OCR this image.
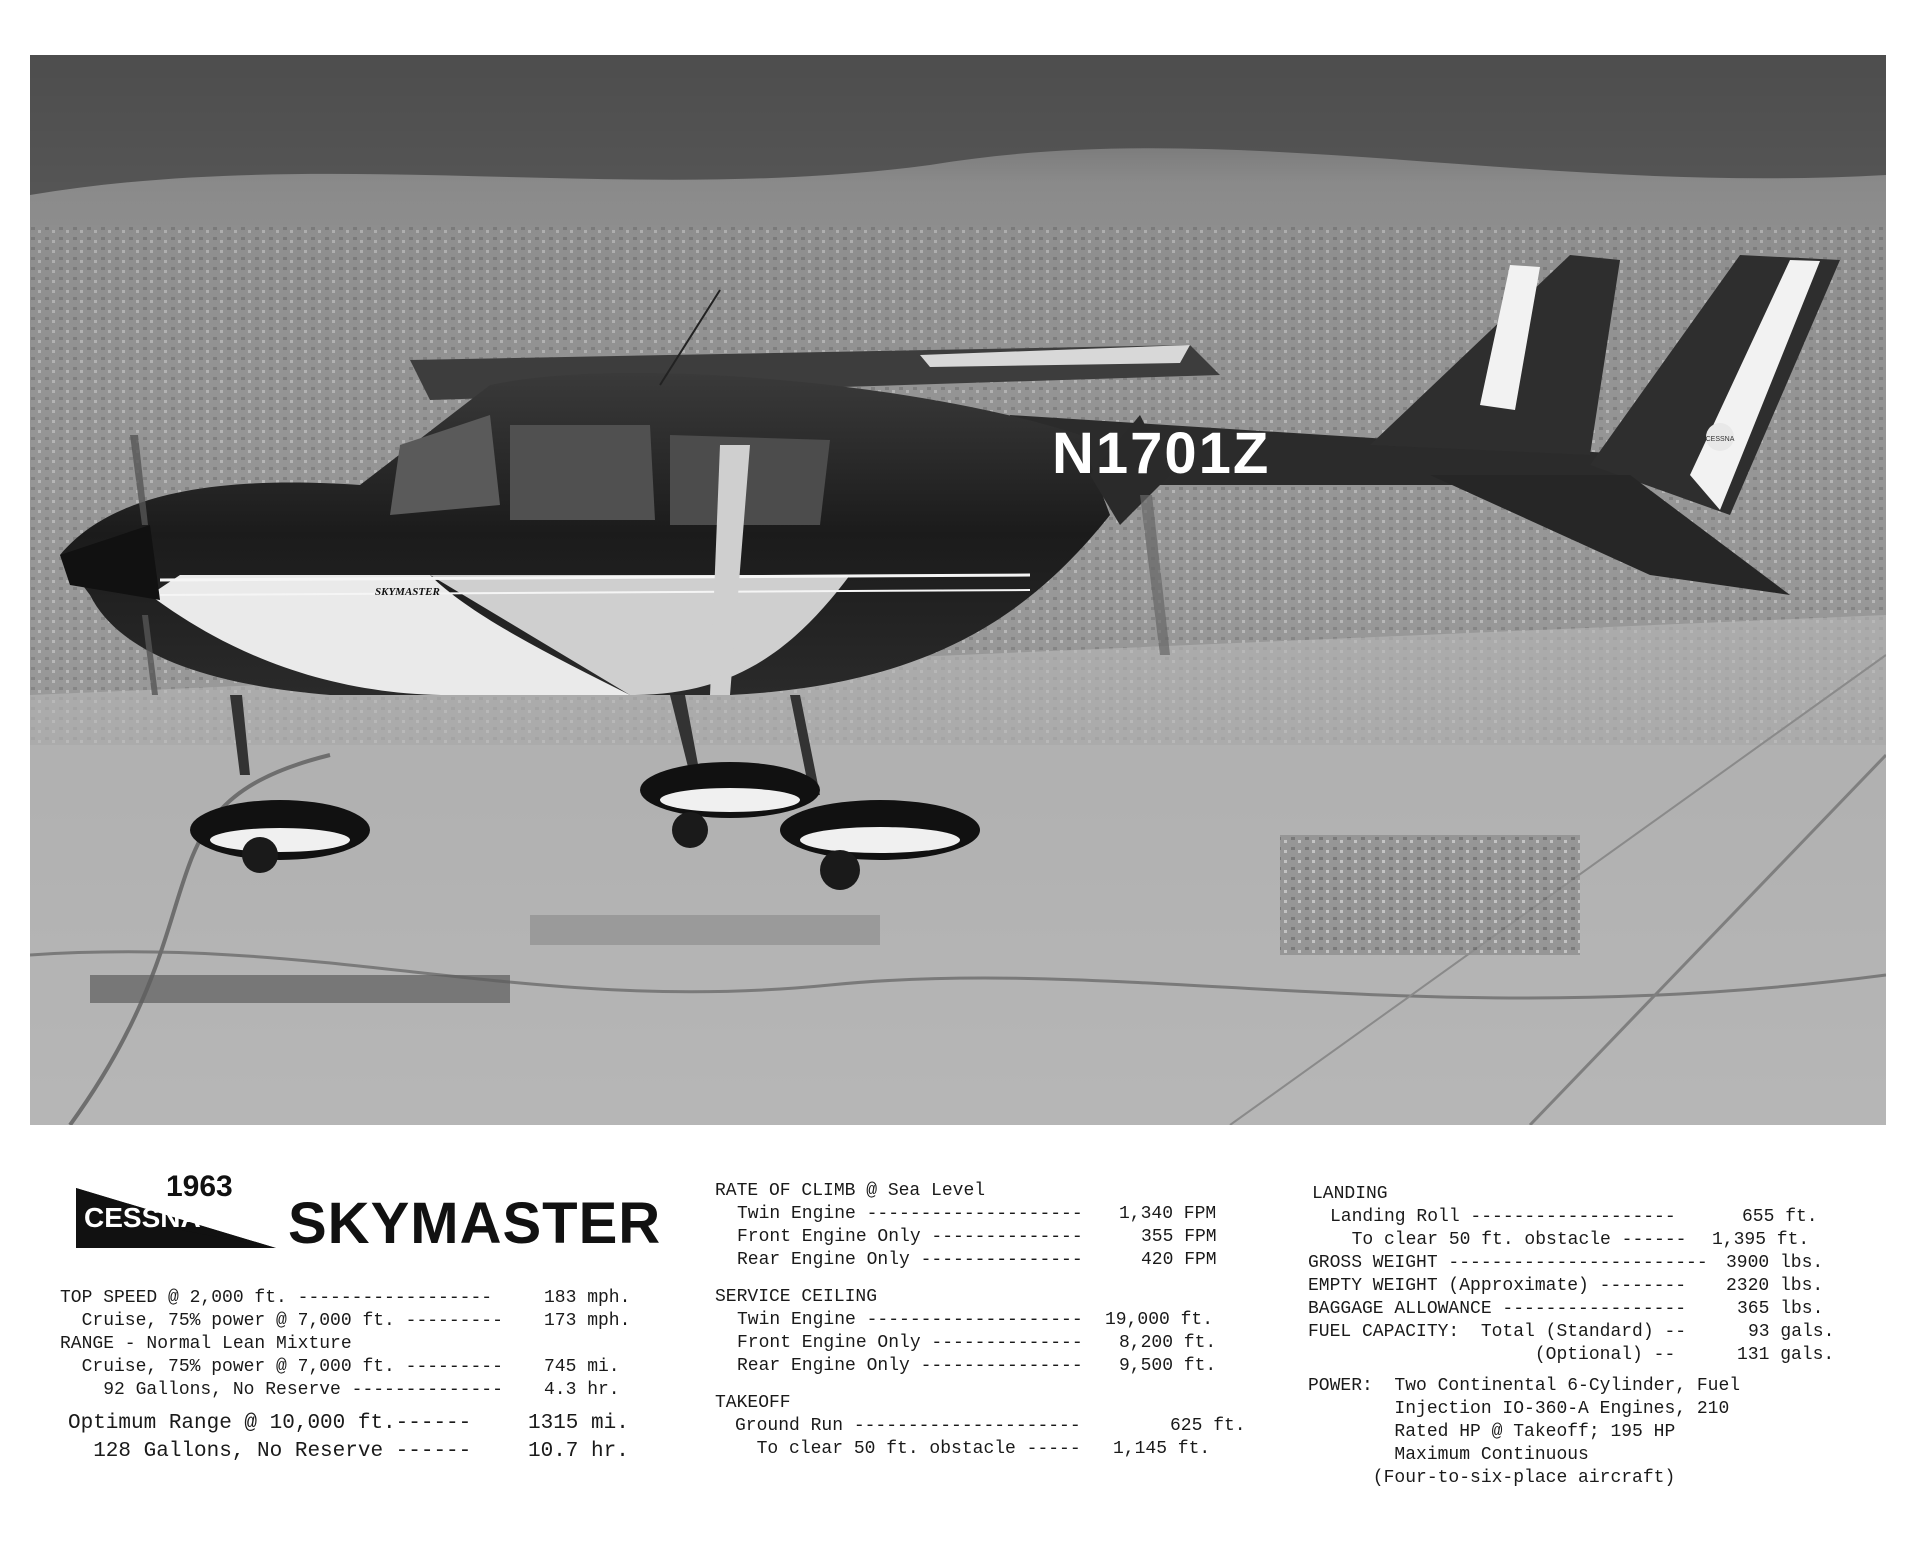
CESSNA
N1701Z
SKYMASTER
1963
CESSNA SKYMASTER
TOP SPEED @ 2,000 ft. ------------------	183 mph.
Cruise, 75% power @ 7,000 ft. --------- 173 mph.
RANGE - Normal Lean Mixture
Cruise, 75% power @ 7,000 ft. --------- 745 mi.
92 Gallons, No Reserve -------------- 4.3 hr.
Optimum Range @ 10,000 ft.------	1315 mi.
128 Gallons, No Reserve ------	10.7 hr.
RATE OF CLIMB @ Sea Level
Twin Engine -------------------- 1,340 FPM
Front Engine Only --------------	355 FPM
Rear Engine Only ---------------	420 FPM
SERVICE CEILING
Twin Engine -------------------- 19,000 ft.
Front Engine Only -------------- 8,200 ft.
Rear Engine Only --------------- 9,500 ft.
TAKEOFF
Ground Run ---------------------	625 ft.
To clear 50 ft. obstacle ----- 1,145 ft.
LANDING
Landing Roll -------------------	655 ft.
To clear 50 ft. obstacle ------ 1,395 ft.
GROSS WEIGHT ------------------------ 3900 lbs.
EMPTY WEIGHT (Approximate) -------- 2320 lbs.
BAGGAGE ALLOWANCE -----------------	365 lbs.
FUEL CAPACITY:  Total (Standard) --	93 gals.
(Optional) --	131 gals.
POWER:  Two Continental 6-Cylinder, Fuel
Injection IO-360-A Engines, 210
Rated HP @ Takeoff; 195 HP
Maximum Continuous
(Four-to-six-place aircraft)
